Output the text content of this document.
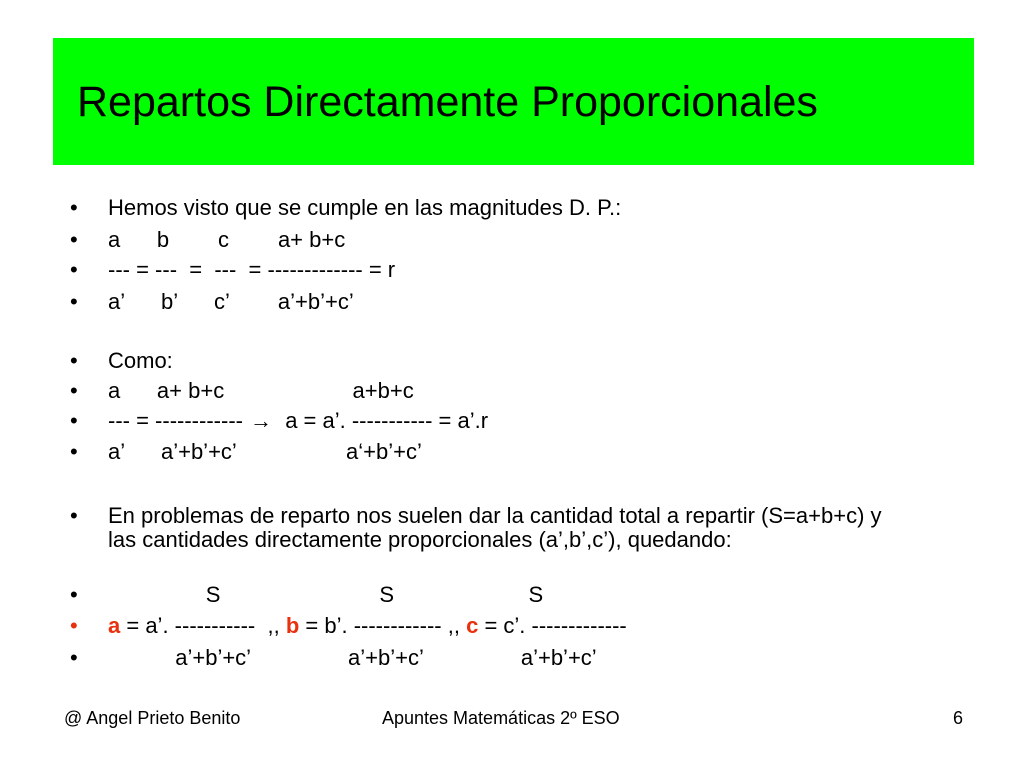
Repartos Directamente Proporcionales
•
•
•
•
•
•
•
•
•
•
•
•
Hemos visto que se cumple en las magnitudes D. P.:
a      b        c        a+ b+c
--- = ---  =  ---  = ------------- = r
a’      b’      c’        a’+b’+c’
Como:
a      a+ b+c                     a+b+c
--- = ------------ →  a = a’. ----------- = a’.r
a’      a’+b’+c’                  a‘+b’+c’
En problemas de reparto nos suelen dar la cantidad total a repartir (S=a+b+c) y las cantidades directamente proporcionales (a’,b’,c’), quedando:
S                          S                      S
a = a’. -----------  ,, b = b’. ------------ ,, c = c’. -------------
a’+b’+c’                a’+b’+c’                a’+b’+c’
@ Angel Prieto Benito	Apuntes Matemáticas 2º ESO	6
